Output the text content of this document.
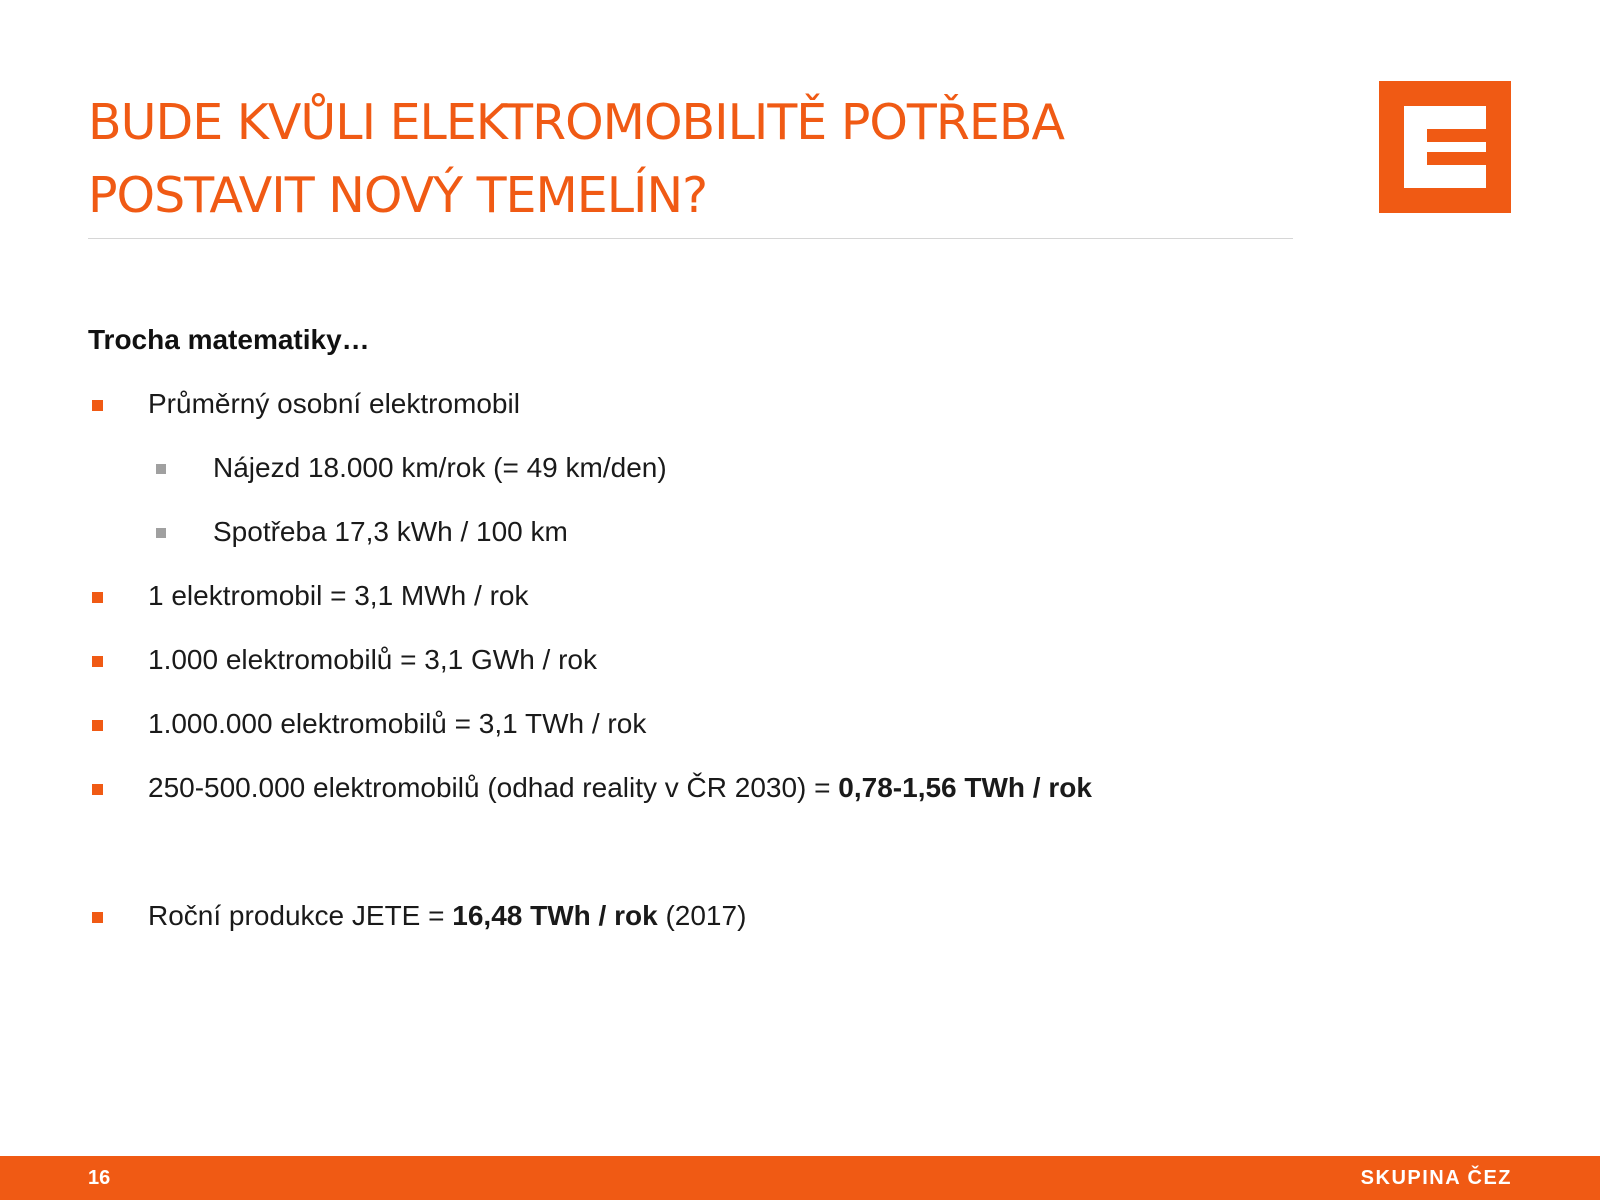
BUDE KVŮLI ELEKTROMOBILITĚ POTŘEBA
POSTAVIT NOVÝ TEMELÍN?

Trocha matematiky…

Průměrný osobní elektromobil
Nájezd 18.000 km/rok (= 49 km/den)
Spotřeba 17,3 kWh / 100 km
1 elektromobil = 3,1 MWh / rok
1.000 elektromobilů = 3,1 GWh / rok
1.000.000 elektromobilů = 3,1 TWh / rok
250-500.000 elektromobilů (odhad reality v ČR 2030) = 0,78-1,56 TWh / rok
Roční produkce JETE = 16,48 TWh / rok (2017)
16	SKUPINA ČEZ
